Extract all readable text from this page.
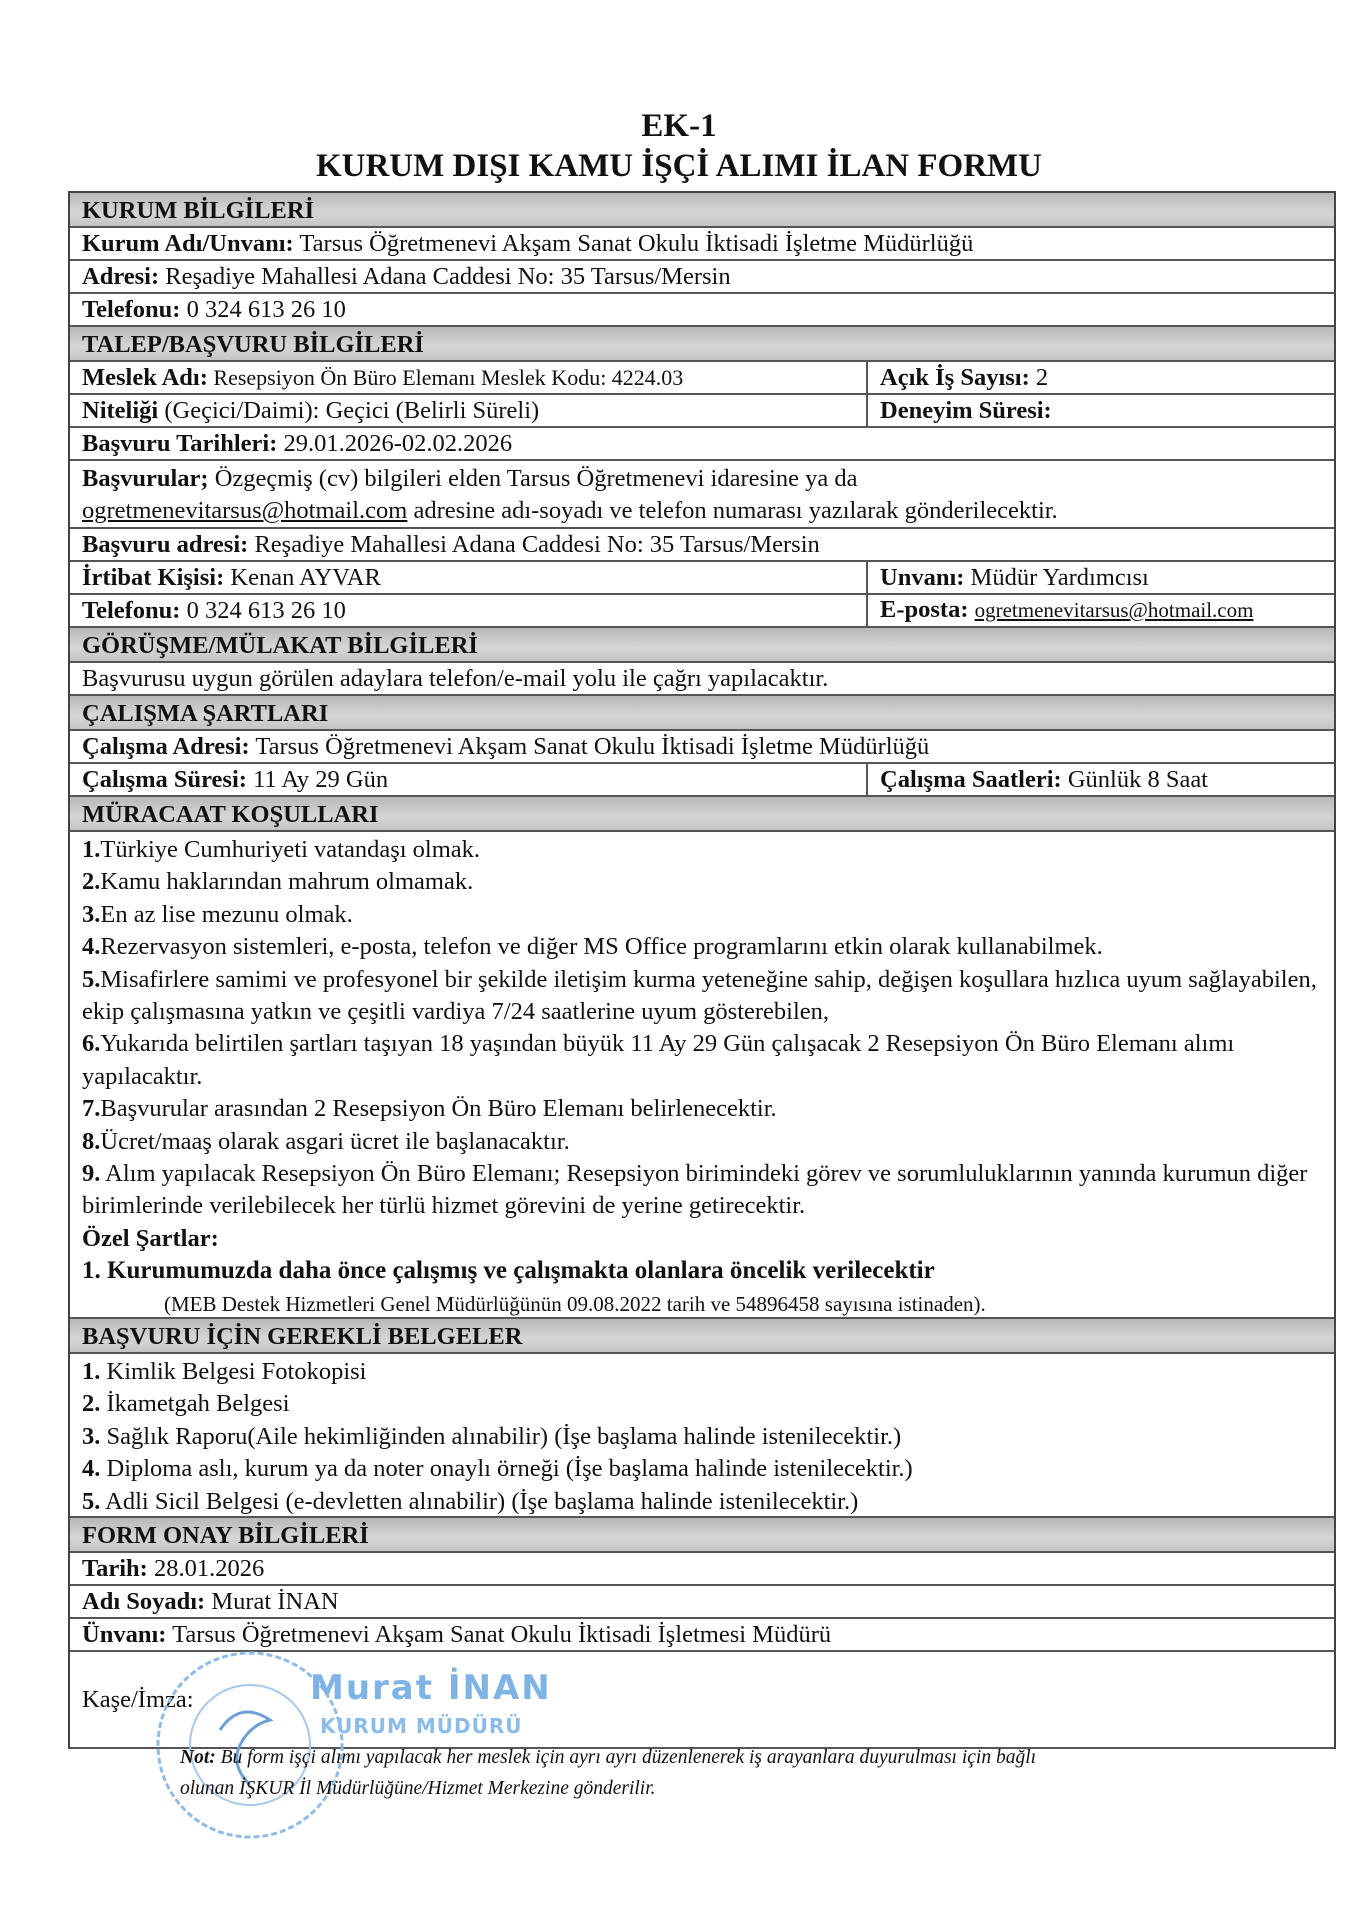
EK-1
KURUM DIŞI KAMU İŞÇİ ALIMI İLAN FORMU
KURUM BİLGİLERİ
Kurum Adı/Unvanı: Tarsus Öğretmenevi Akşam Sanat Okulu İktisadi İşletme Müdürlüğü
Adresi: Reşadiye Mahallesi Adana Caddesi No: 35 Tarsus/Mersin
Telefonu: 0 324 613 26 10
TALEP/BAŞVURU BİLGİLERİ
Meslek Adı: Resepsiyon Ön Büro Elemanı Meslek Kodu: 4224.03	Açık İş Sayısı: 2
Niteliği (Geçici/Daimi): Geçici (Belirli Süreli)	Deneyim Süresi:
Başvuru Tarihleri: 29.01.2026-02.02.2026
Başvurular; Özgeçmiş (cv) bilgileri elden Tarsus Öğretmenevi idaresine ya da
ogretmenevitarsus@hotmail.com adresine adı-soyadı ve telefon numarası yazılarak gönderilecektir.
Başvuru adresi: Reşadiye Mahallesi Adana Caddesi No: 35 Tarsus/Mersin
İrtibat Kişisi: Kenan AYVAR	Unvanı: Müdür Yardımcısı
Telefonu: 0 324 613 26 10	E-posta: ogretmenevitarsus@hotmail.com
GÖRÜŞME/MÜLAKAT BİLGİLERİ
Başvurusu uygun görülen adaylara telefon/e-mail yolu ile çağrı yapılacaktır.
ÇALIŞMA ŞARTLARI
Çalışma Adresi: Tarsus Öğretmenevi Akşam Sanat Okulu İktisadi İşletme Müdürlüğü
Çalışma Süresi: 11 Ay 29 Gün	Çalışma Saatleri: Günlük 8 Saat
MÜRACAAT KOŞULLARI
1.Türkiye Cumhuriyeti vatandaşı olmak.
2.Kamu haklarından mahrum olmamak.
3.En az lise mezunu olmak.
4.Rezervasyon sistemleri, e-posta, telefon ve diğer MS Office programlarını etkin olarak kullanabilmek.
5.Misafirlere samimi ve profesyonel bir şekilde iletişim kurma yeteneğine sahip, değişen koşullara hızlıca uyum sağlayabilen, ekip çalışmasına yatkın ve çeşitli vardiya 7/24 saatlerine uyum gösterebilen,
6.Yukarıda belirtilen şartları taşıyan 18 yaşından büyük 11 Ay 29 Gün çalışacak 2 Resepsiyon Ön Büro Elemanı alımı yapılacaktır.
7.Başvurular arasından 2 Resepsiyon Ön Büro Elemanı belirlenecektir.
8.Ücret/maaş olarak asgari ücret ile başlanacaktır.
9. Alım yapılacak Resepsiyon Ön Büro Elemanı; Resepsiyon birimindeki görev ve sorumluluklarının yanında kurumun diğer birimlerinde verilebilecek her türlü hizmet görevini de yerine getirecektir.
Özel Şartlar:
1. Kurumumuzda daha önce çalışmış ve çalışmakta olanlara öncelik verilecektir
(MEB Destek Hizmetleri Genel Müdürlüğünün 09.08.2022 tarih ve 54896458 sayısına istinaden).
BAŞVURU İÇİN GEREKLİ BELGELER
1. Kimlik Belgesi Fotokopisi
2. İkametgah Belgesi
3. Sağlık Raporu(Aile hekimliğinden alınabilir) (İşe başlama halinde istenilecektir.)
4. Diploma aslı, kurum ya da noter onaylı örneği (İşe başlama halinde istenilecektir.)
5. Adli Sicil Belgesi (e-devletten alınabilir) (İşe başlama halinde istenilecektir.)
FORM ONAY BİLGİLERİ
Tarih: 28.01.2026
Adı Soyadı: Murat İNAN
Ünvanı: Tarsus Öğretmenevi Akşam Sanat Okulu İktisadi İşletmesi Müdürü
Kaşe/İmza:	Murat İNAN
KURUM MÜDÜRÜ
Not: Bu form işçi alımı yapılacak her meslek için ayrı ayrı düzenlenerek iş arayanlara duyurulması için bağlı
olunan İŞKUR İl Müdürlüğüne/Hizmet Merkezine gönderilir.
